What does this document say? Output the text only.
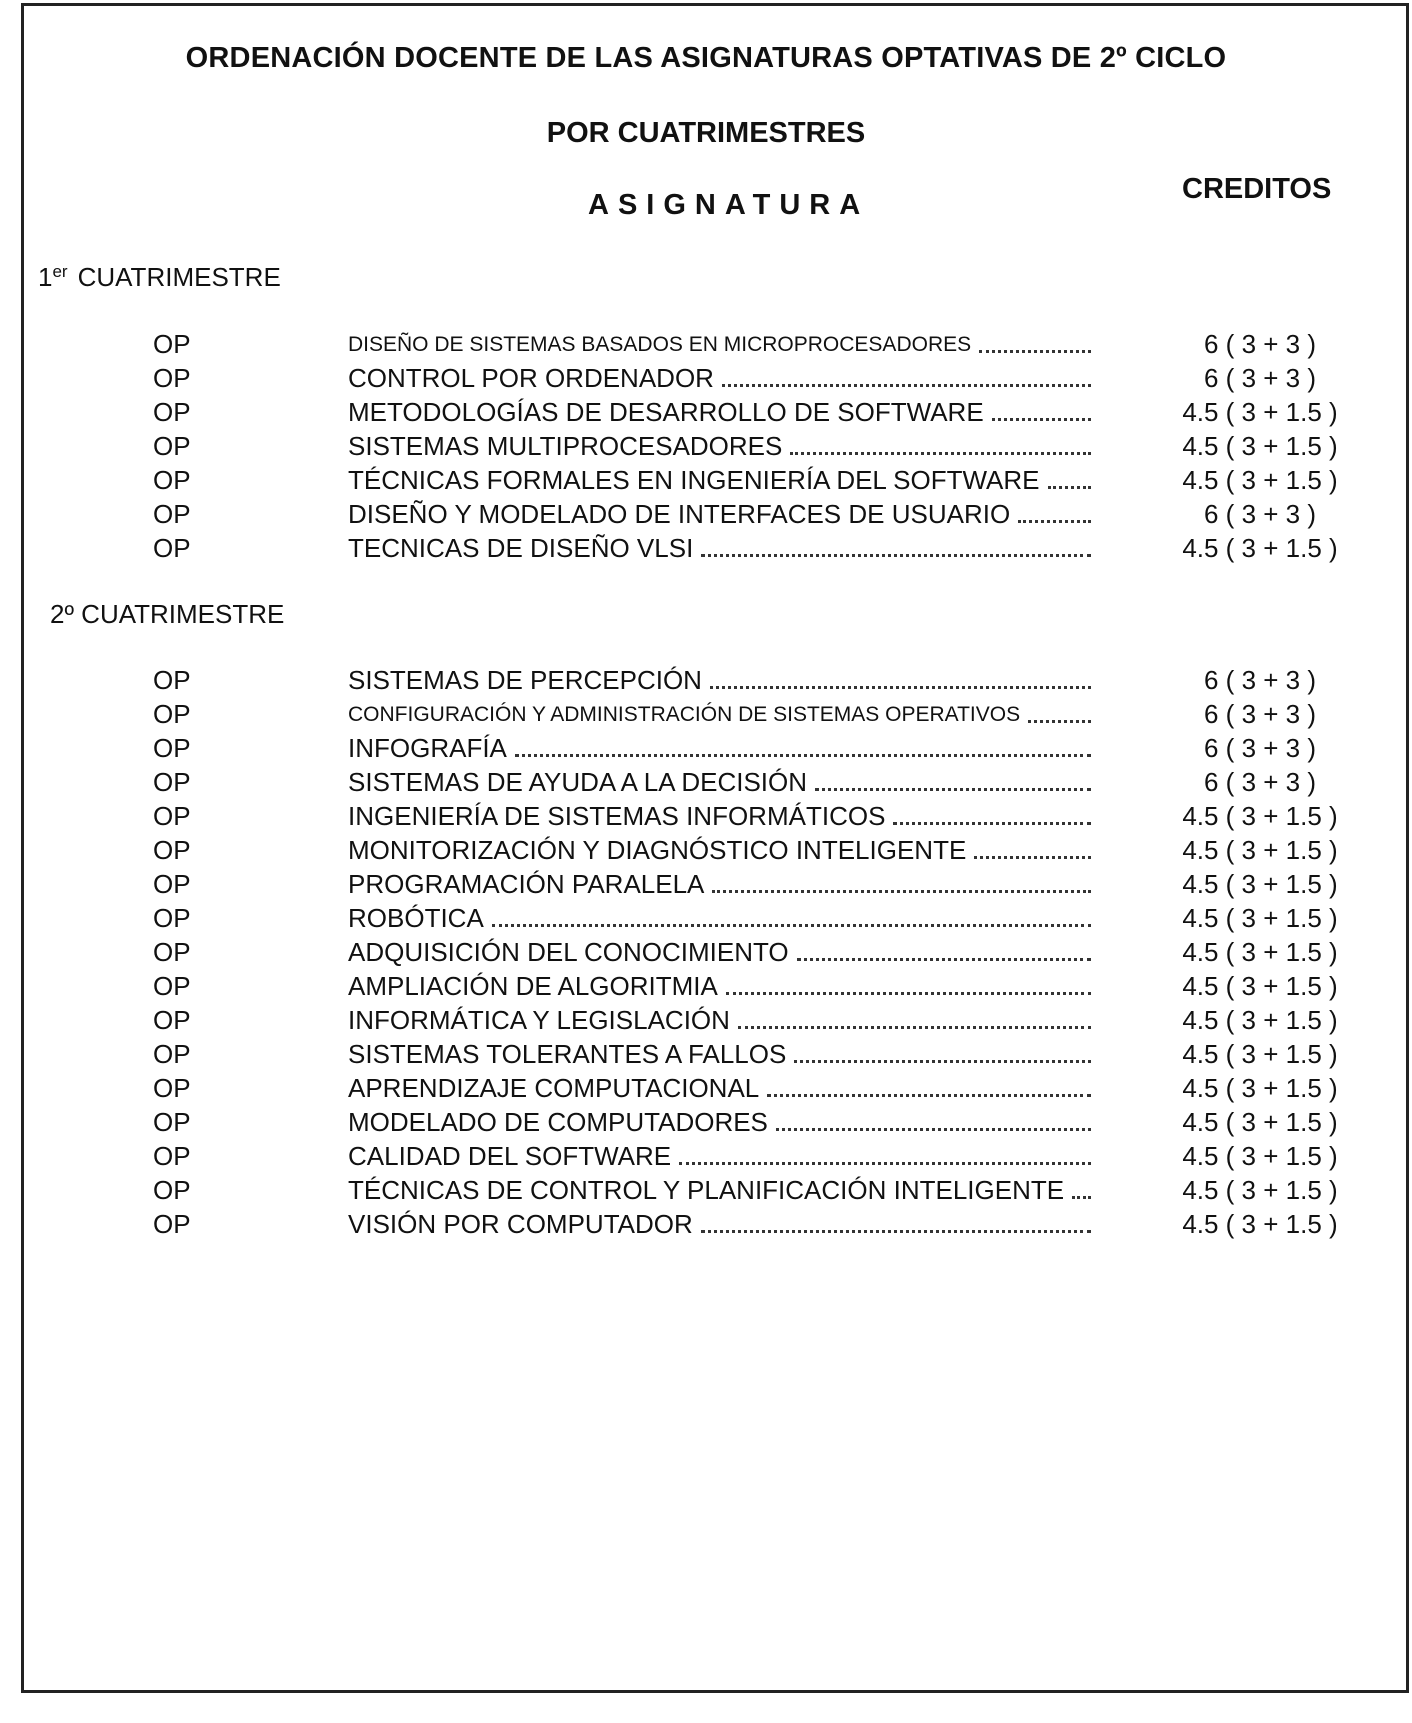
ORDENACIÓN DOCENTE DE LAS ASIGNATURAS OPTATIVAS DE 2º CICLO
POR CUATRIMESTRES
ASIGNATURA	CREDITOS
1er CUATRIMESTRE
OP	DISEÑO DE SISTEMAS BASADOS EN MICROPROCESADORES	6 ( 3 + 3 )
OP	CONTROL POR ORDENADOR	6 ( 3 + 3 )
OP	METODOLOGÍAS DE DESARROLLO DE SOFTWARE	4.5 ( 3 + 1.5 )
OP	SISTEMAS MULTIPROCESADORES	4.5 ( 3 + 1.5 )
OP	TÉCNICAS FORMALES EN INGENIERÍA DEL SOFTWARE	4.5 ( 3 + 1.5 )
OP	DISEÑO Y MODELADO DE INTERFACES DE USUARIO	6 ( 3 + 3 )
OP	TECNICAS DE DISEÑO VLSI	4.5 ( 3 + 1.5 )
2º CUATRIMESTRE
OP	SISTEMAS DE PERCEPCIÓN	6 ( 3 + 3 )
OP	CONFIGURACIÓN Y ADMINISTRACIÓN DE SISTEMAS OPERATIVOS	6 ( 3 + 3 )
OP	INFOGRAFÍA	6 ( 3 + 3 )
OP	SISTEMAS DE AYUDA A LA DECISIÓN	6 ( 3 + 3 )
OP	INGENIERÍA DE SISTEMAS INFORMÁTICOS	4.5 ( 3 + 1.5 )
OP	MONITORIZACIÓN Y DIAGNÓSTICO INTELIGENTE	4.5 ( 3 + 1.5 )
OP	PROGRAMACIÓN PARALELA	4.5 ( 3 + 1.5 )
OP	ROBÓTICA	4.5 ( 3 + 1.5 )
OP	ADQUISICIÓN DEL CONOCIMIENTO	4.5 ( 3 + 1.5 )
OP	AMPLIACIÓN DE ALGORITMIA	4.5 ( 3 + 1.5 )
OP	INFORMÁTICA Y LEGISLACIÓN	4.5 ( 3 + 1.5 )
OP	SISTEMAS TOLERANTES A FALLOS	4.5 ( 3 + 1.5 )
OP	APRENDIZAJE COMPUTACIONAL	4.5 ( 3 + 1.5 )
OP	MODELADO DE COMPUTADORES	4.5 ( 3 + 1.5 )
OP	CALIDAD DEL SOFTWARE	4.5 ( 3 + 1.5 )
OP	TÉCNICAS DE CONTROL Y PLANIFICACIÓN INTELIGENTE	4.5 ( 3 + 1.5 )
OP	VISIÓN POR COMPUTADOR	4.5 ( 3 + 1.5 )
